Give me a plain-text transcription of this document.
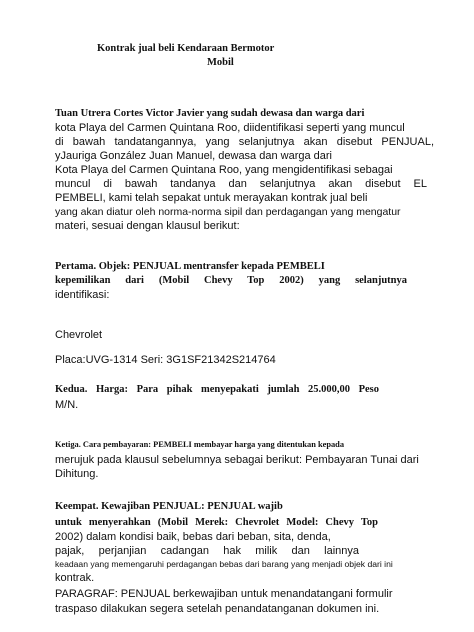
Kontrak jual beli Kendaraan Bermotor
Mobil
Tuan Utrera Cortes Victor Javier yang sudah dewasa dan warga dari
kota Playa del Carmen Quintana Roo, diidentifikasi seperti yang muncul
di bawah tandatangannya, yang selanjutnya akan disebut PENJUAL,
yJauriga González Juan Manuel, dewasa dan warga dari
Kota Playa del Carmen Quintana Roo, yang mengidentifikasi sebagai
muncul di bawah tandanya dan selanjutnya akan disebut EL
PEMBELI, kami telah sepakat untuk merayakan kontrak jual beli
yang akan diatur oleh norma-norma sipil dan perdagangan yang mengatur
materi, sesuai dengan klausul berikut:
Pertama. Objek: PENJUAL mentransfer kepada PEMBELI
kepemilikan dari (Mobil Chevy Top 2002) yang selanjutnya
identifikasi:
Chevrolet
Placa:UVG-1314 Seri: 3G1SF21342S214764
Kedua. Harga: Para pihak menyepakati jumlah 25.000,00 Peso
M/N.
Ketiga. Cara pembayaran: PEMBELI membayar harga yang ditentukan kepada
merujuk pada klausul sebelumnya sebagai berikut: Pembayaran Tunai dari
Dihitung.
Keempat. Kewajiban PENJUAL: PENJUAL wajib
untuk menyerahkan (Mobil Merek: Chevrolet Model: Chevy Top
2002) dalam kondisi baik, bebas dari beban, sita, denda,
pajak, perjanjian cadangan hak milik dan lainnya
keadaan yang memengaruhi perdagangan bebas dari barang yang menjadi objek dari ini
kontrak.
PARAGRAF: PENJUAL berkewajiban untuk menandatangani formulir
traspaso dilakukan segera setelah penandatanganan dokumen ini.
